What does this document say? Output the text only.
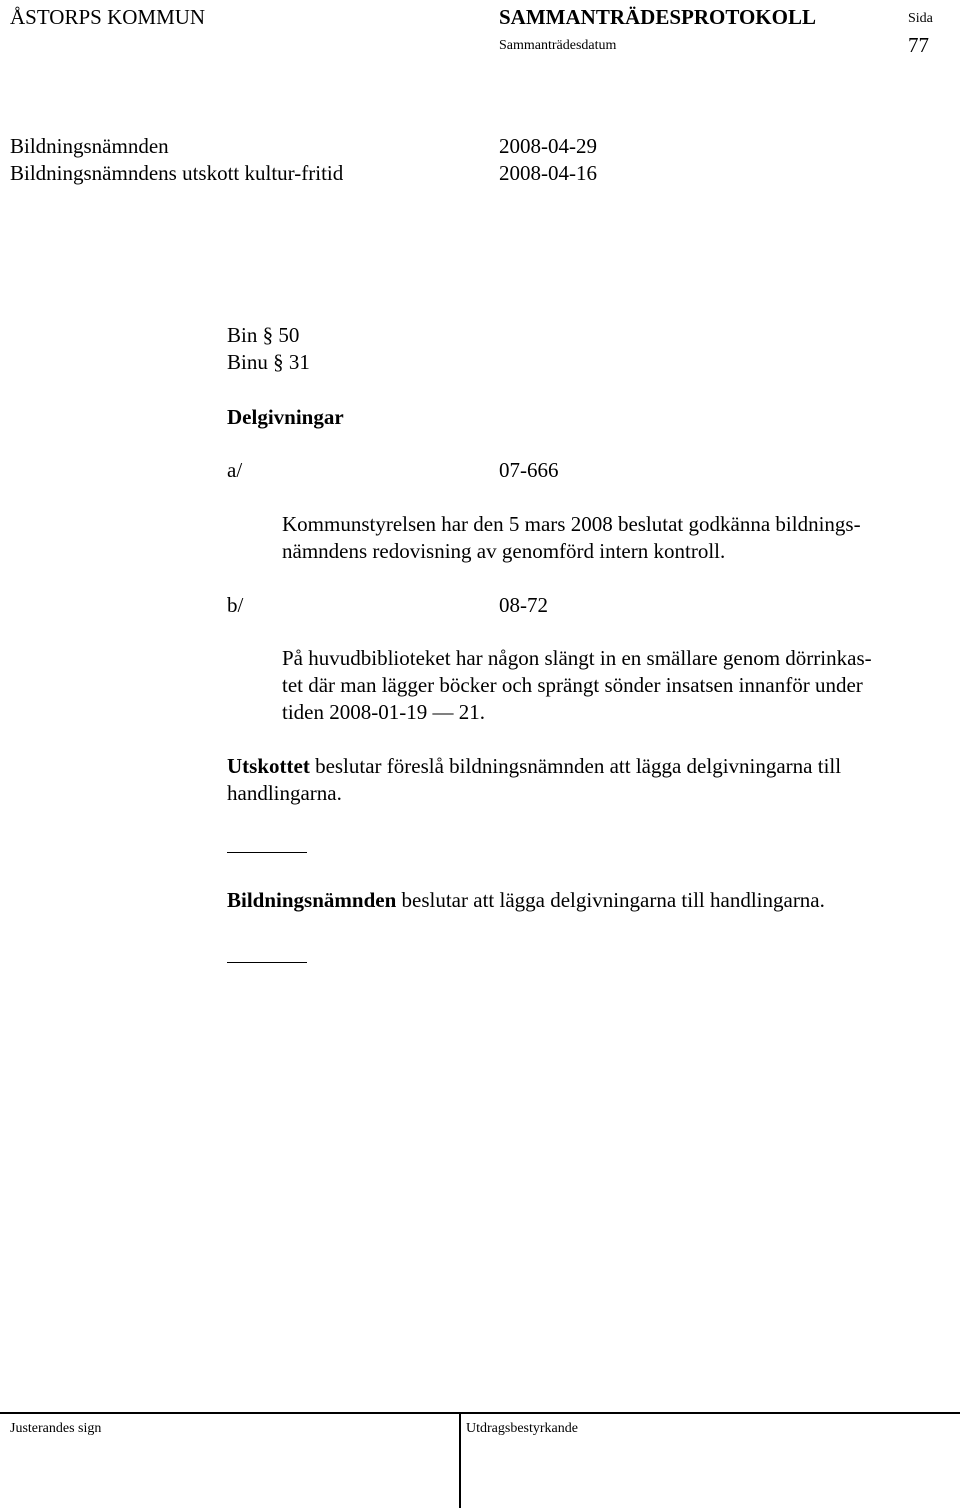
ÅSTORPS KOMMUN	SAMMANTRÄDESPROTOKOLL	Sida
Sammanträdesdatum	77
Bildningsnämnden	2008-04-29
Bildningsnämndens utskott kultur-fritid	2008-04-16
Bin § 50
Binu § 31
Delgivningar
a/	07-666
Kommunstyrelsen har den 5 mars 2008 beslutat godkänna bildnings-
nämndens redovisning av genomförd intern kontroll.
b/	08-72
På huvudbiblioteket har någon slängt in en smällare genom dörrinkas-
tet där man lägger böcker och sprängt sönder insatsen innanför under
tiden 2008-01-19 — 21.
Utskottet beslutar föreslå bildningsnämnden att lägga delgivningarna till
handlingarna.
Bildningsnämnden beslutar att lägga delgivningarna till handlingarna.
Justerandes sign	Utdragsbestyrkande
